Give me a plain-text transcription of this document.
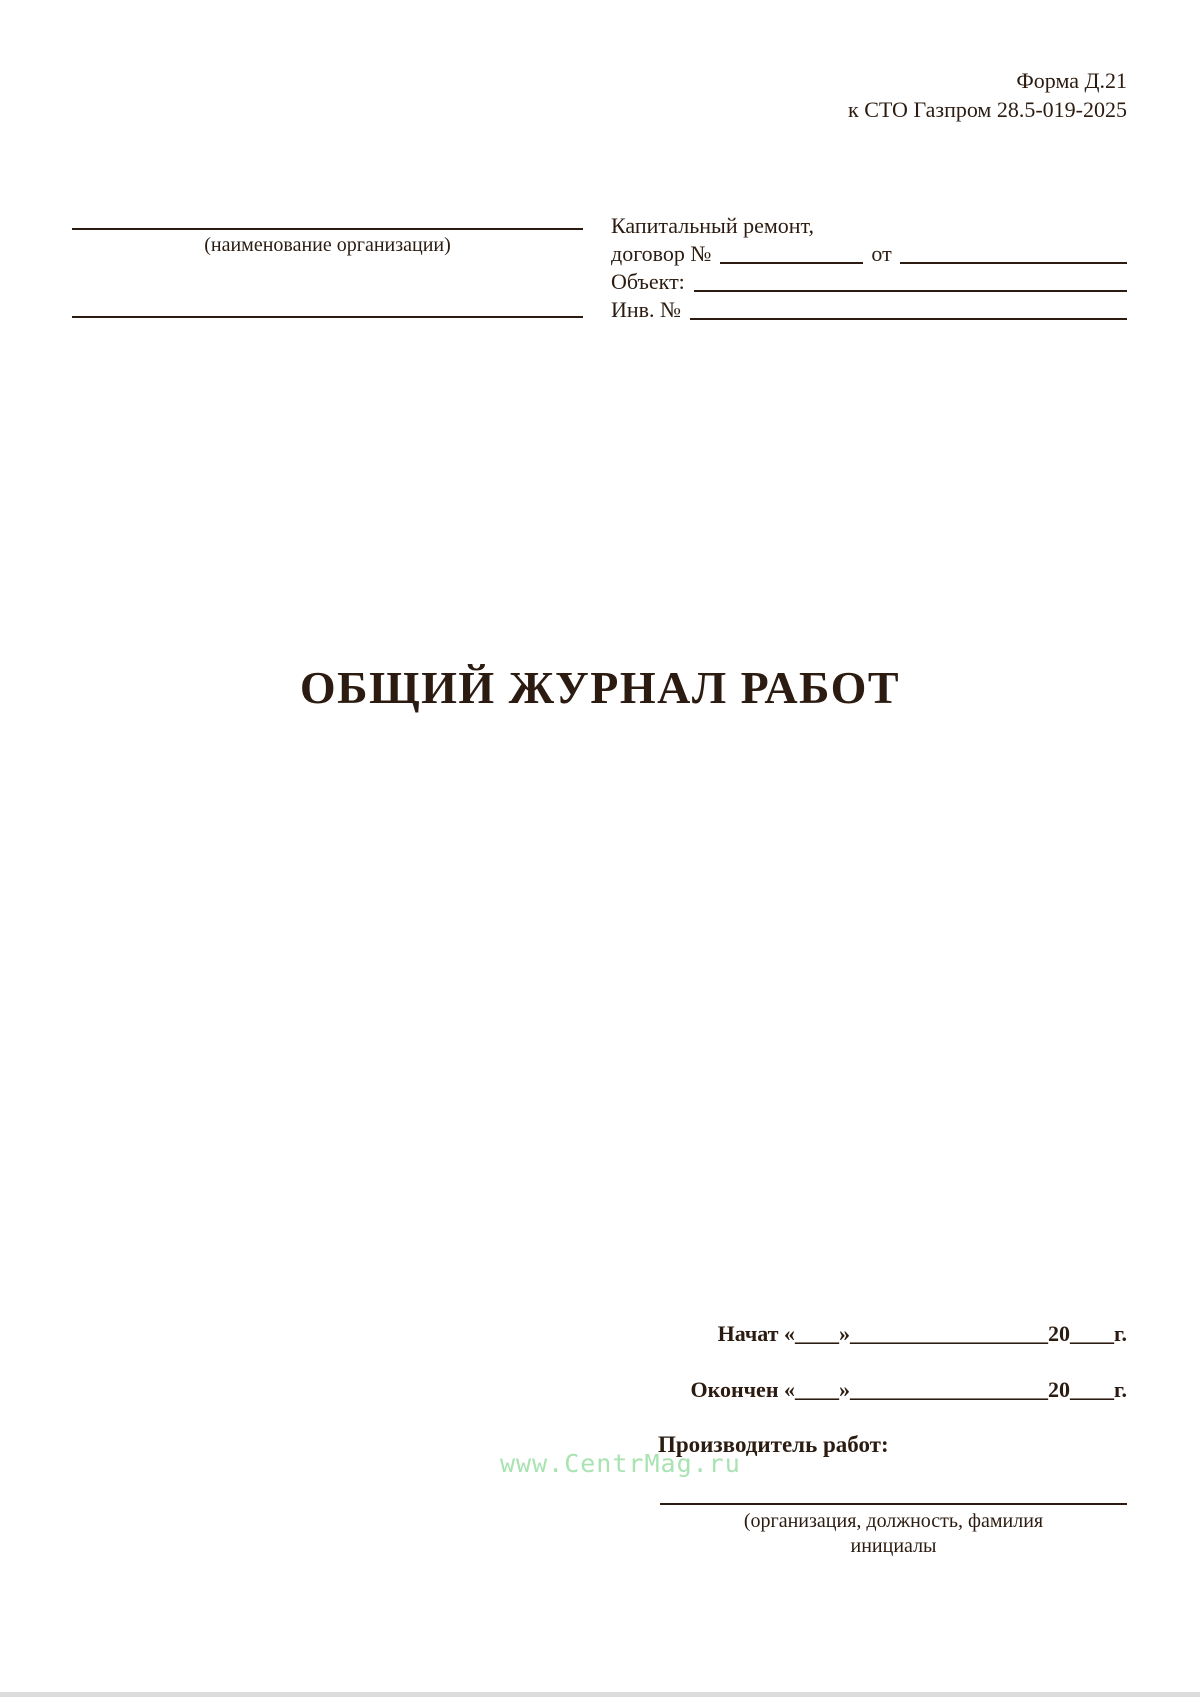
Форма Д.21
к СТО Газпром 28.5-019-2025
(наименование организации)
Капитальный ремонт,
договор №	от
Объект:
Инв. №
ОБЩИЙ ЖУРНАЛ РАБОТ
Начат «____»__________________20____г.
Окончен «____»__________________20____г.
Производитель работ:
www.CentrMag.ru
(организация, должность, фамилия
инициалы
